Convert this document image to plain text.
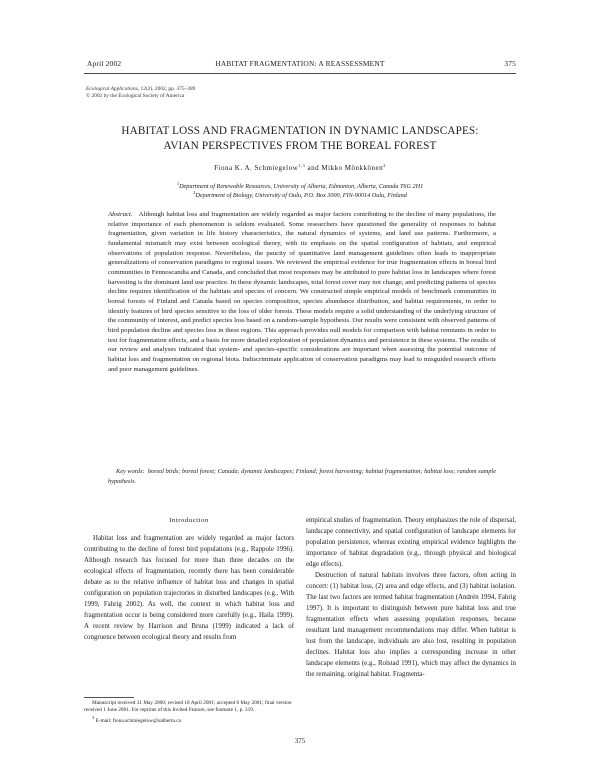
April 2002	HABITAT FRAGMENTATION: A REASSESSMENT	375
Ecological Applications, 12(2), 2002, pp. 375–389
© 2002 by the Ecological Society of America
HABITAT LOSS AND FRAGMENTATION IN DYNAMIC LANDSCAPES:
AVIAN PERSPECTIVES FROM THE BOREAL FOREST
Fiona K. A. Schmiegelow$^{1,3}$ and Mikko Mönkkönen$^2$
$^1$Department of Renewable Resources, University of Alberta, Edmonton, Alberta, Canada T6G 2H1
$^2$Department of Biology, University of Oulu, P.O. Box 3000, FIN-90014 Oulu, Finland
Abstract. Although habitat loss and fragmentation are widely regarded as major factors contributing to the decline of many populations, the relative importance of each phenomenon is seldom evaluated. Some researchers have questioned the generality of responses to habitat fragmentation, given variation in life history characteristics, the natural dynamics of systems, and land use patterns. Furthermore, a fundamental mismatch may exist between ecological theory, with its emphasis on the spatial configuration of habitats, and empirical observations of population response. Nevertheless, the paucity of quantitative land management guidelines often leads to inappropriate generalizations of conservation paradigms to regional issues. We reviewed the empirical evidence for true fragmentation effects in boreal bird communities in Fennoscandia and Canada, and concluded that most responses may be attributed to pure habitat loss in landscapes where forest harvesting is the dominant land use practice. In these dynamic landscapes, total forest cover may not change, and predicting patterns of species decline requires identification of the habitats and species of concern. We constructed simple empirical models of benchmark communities in boreal forests of Finland and Canada based on species composition, species abundance distribution, and habitat requirements, in order to identify features of bird species sensitive to the loss of older forests. These models require a solid understanding of the underlying structure of the community of interest, and predict species loss based on a random-sample hypothesis. Our results were consistent with observed patterns of bird population decline and species loss in these regions. This approach provides null models for comparison with habitat remnants in order to test for fragmentation effects, and a basis for more detailed exploration of population dynamics and persistence in these systems. The results of our review and analyses indicated that system- and species-specific considerations are important when assessing the potential outcome of habitat loss and fragmentation on regional biota. Indiscriminate application of conservation paradigms may lead to misguided research efforts and poor management guidelines.
Key words: boreal birds; boreal forest; Canada; dynamic landscapes; Finland; forest harvesting; habitat fragmentation; habitat loss; random sample hypothesis.
Introduction

Habitat loss and fragmentation are widely regarded as major factors contributing to the decline of forest bird populations (e.g., Rappole 1996). Although research has focused for more than three decades on the ecological effects of fragmentation, recently there has been considerable debate as to the relative influence of habitat loss and changes in spatial configuration on population trajectories in disturbed landscapes (e.g., With 1999, Fahrig 2002). As well, the context in which habitat loss and fragmentation occur is being considered more carefully (e.g., Haila 1999). A recent review by Harrison and Bruna (1999) indicated a lack of congruence between ecological theory and results from

empirical studies of fragmentation. Theory emphasizes the role of dispersal, landscape connectivity, and spatial configuration of landscape elements for population persistence, whereas existing empirical evidence highlights the importance of habitat degradation (e.g., through physical and biological edge effects).

Destruction of natural habitats involves three factors, often acting in concert: (1) habitat loss, (2) area and edge effects, and (3) habitat isolation. The last two factors are termed habitat fragmentation (Andrén 1994, Fahrig 1997). It is important to distinguish between pure habitat loss and true fragmentation effects when assessing population responses, because resultant land management recommendations may differ. When habitat is lost from the landscape, individuals are also lost, resulting in population declines. Habitat loss also implies a corresponding increase in other landscape elements (e.g., Rolstad 1991), which may affect the dynamics in the remaining, original habitat. Fragmenta-

Manuscript received 31 May 2000; revised 18 April 2001; accepted 6 May 2001; final version received 1 June 2001. For reprints of this Invited Feature, see footnote 1, p. 319.
$^3$ E-mail: fiona.schmiegelow@ualberta.ca
375
